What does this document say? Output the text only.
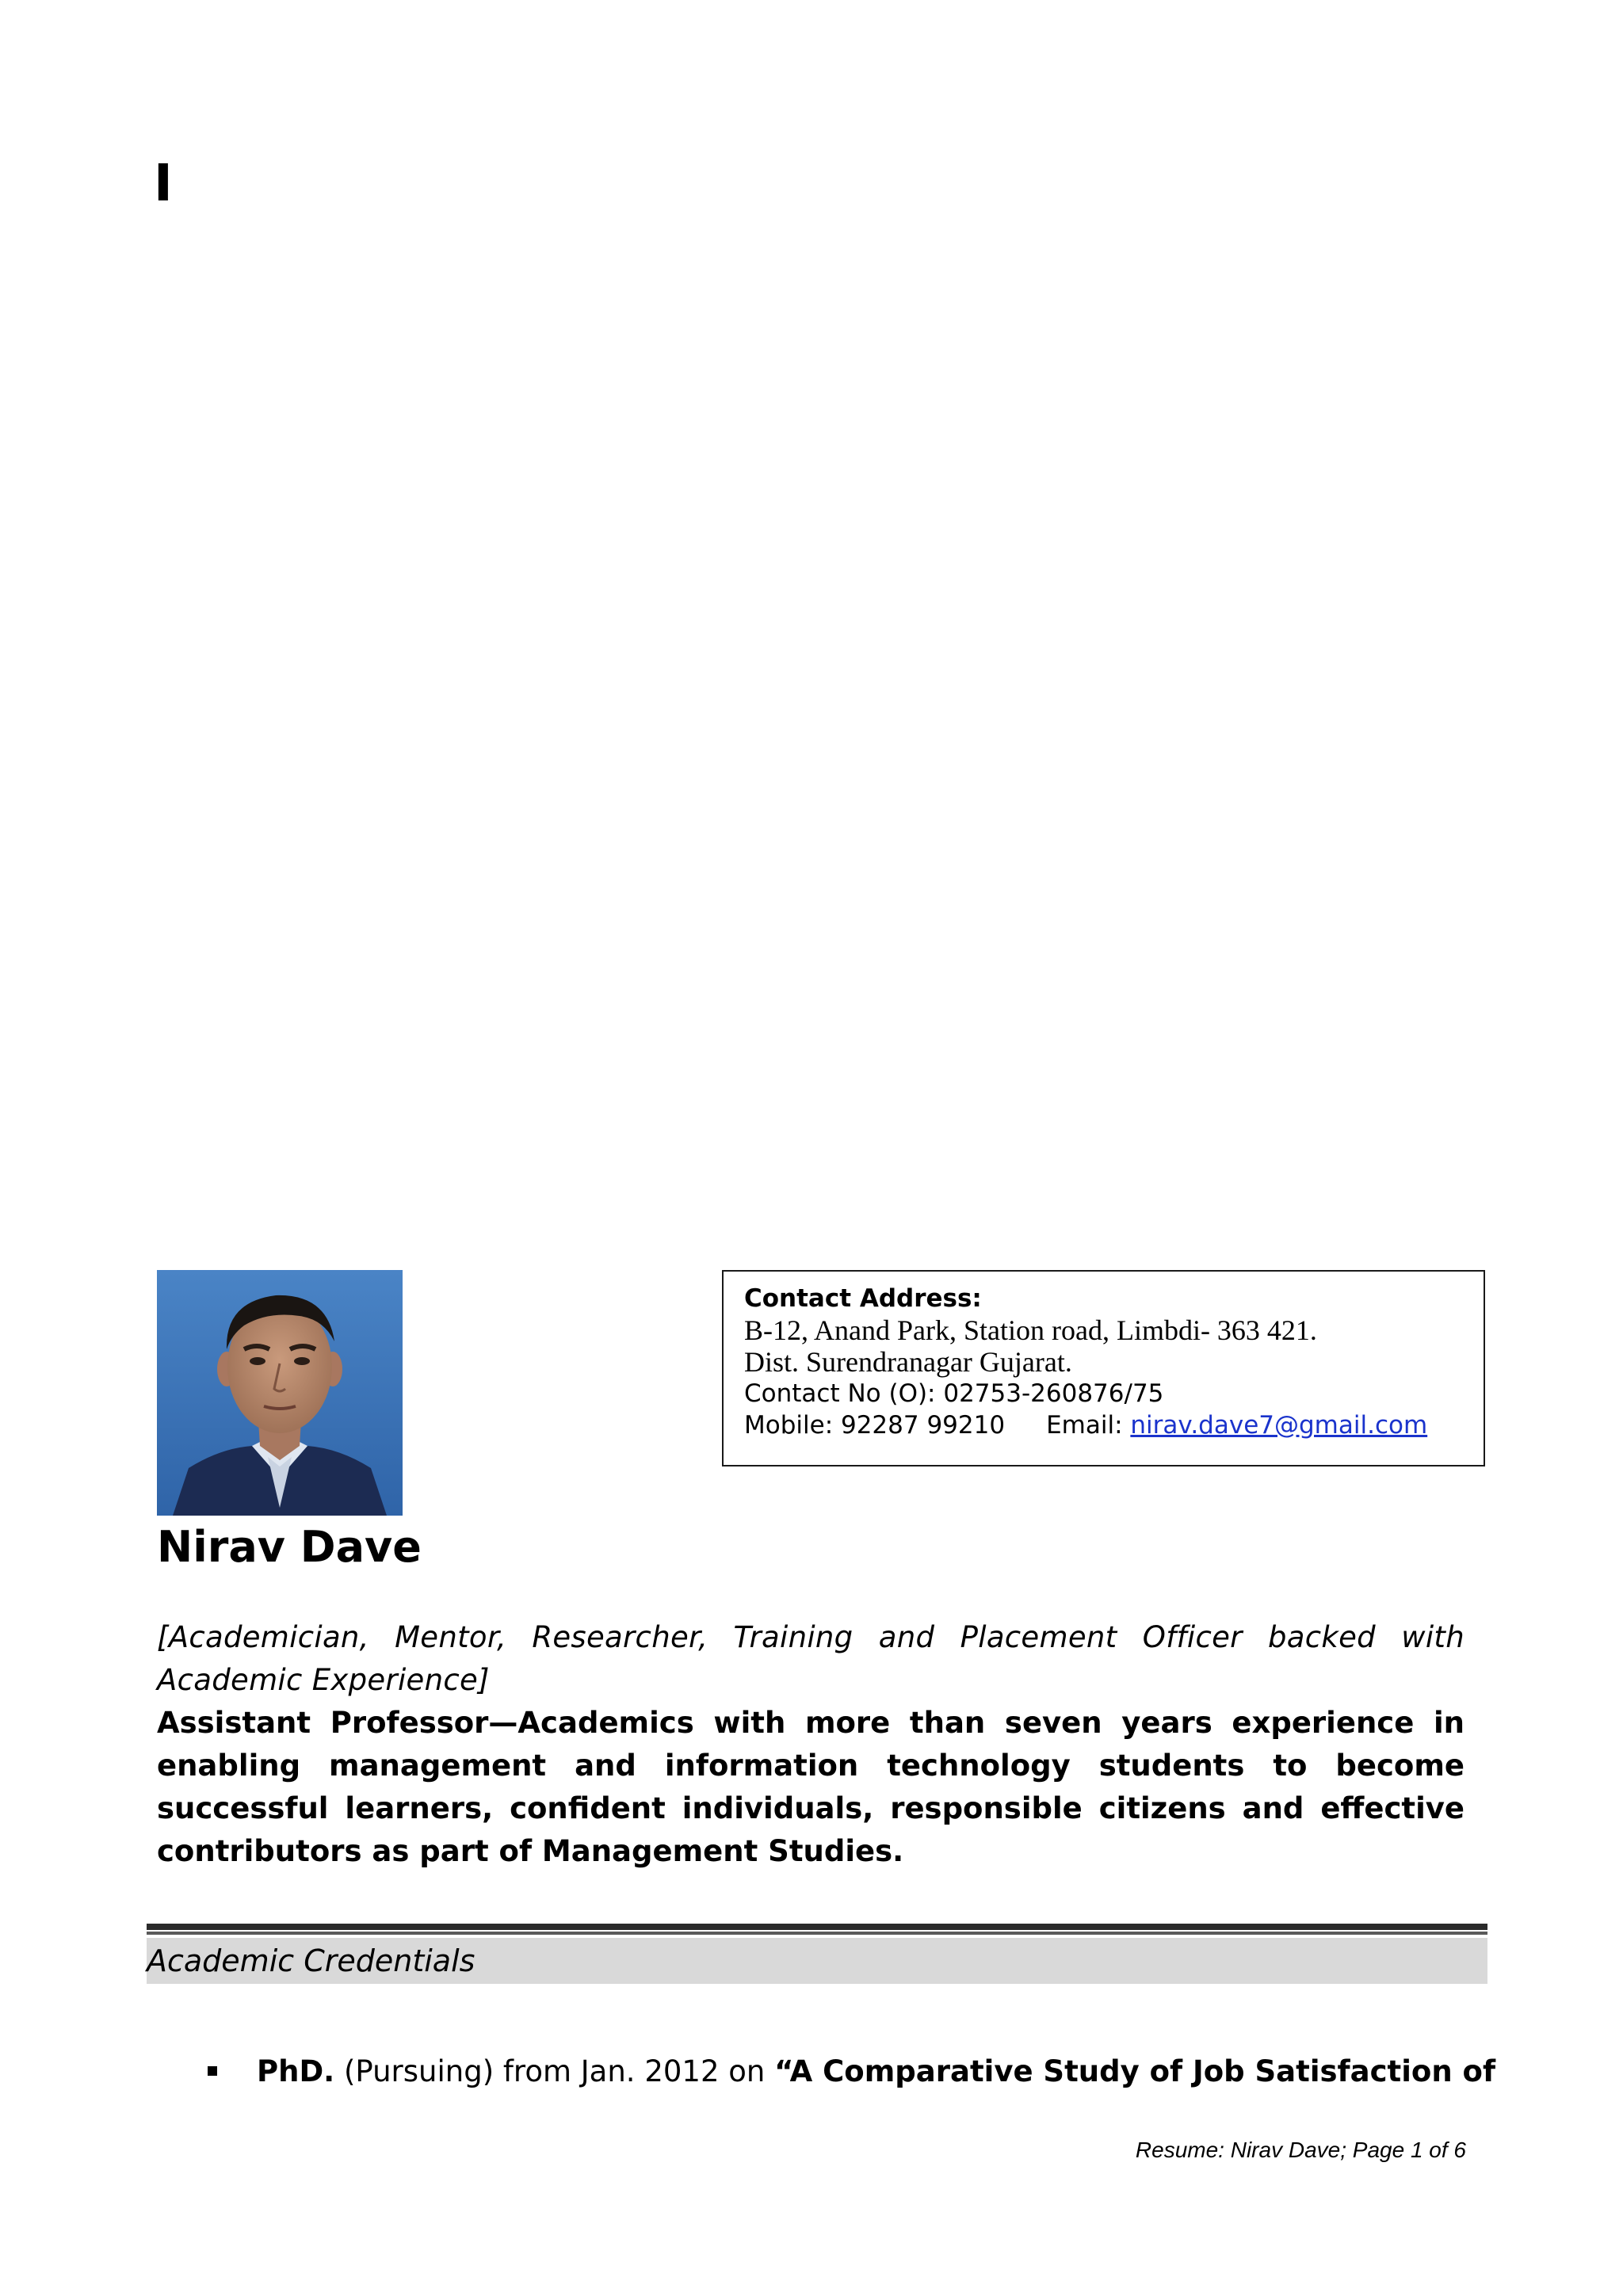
I
Contact Address:
B-12, Anand Park, Station road, Limbdi- 363 421.
Dist. Surendranagar Gujarat.
Contact No (O): 02753-260876/75
Mobile: 92287 99210 Email: nirav.dave7@gmail.com
Nirav Dave
[Academician, Mentor, Researcher, Training and Placement Officer backed with Academic Experience]
Assistant Professor—Academics with more than seven years experience in enabling management and information technology students to become successful learners, confident individuals, responsible citizens and effective contributors as part of Management Studies.
Academic Credentials
PhD. (Pursuing) from Jan. 2012 on “A Comparative Study of Job Satisfaction of
Resume: Nirav Dave; Page 1 of 6
